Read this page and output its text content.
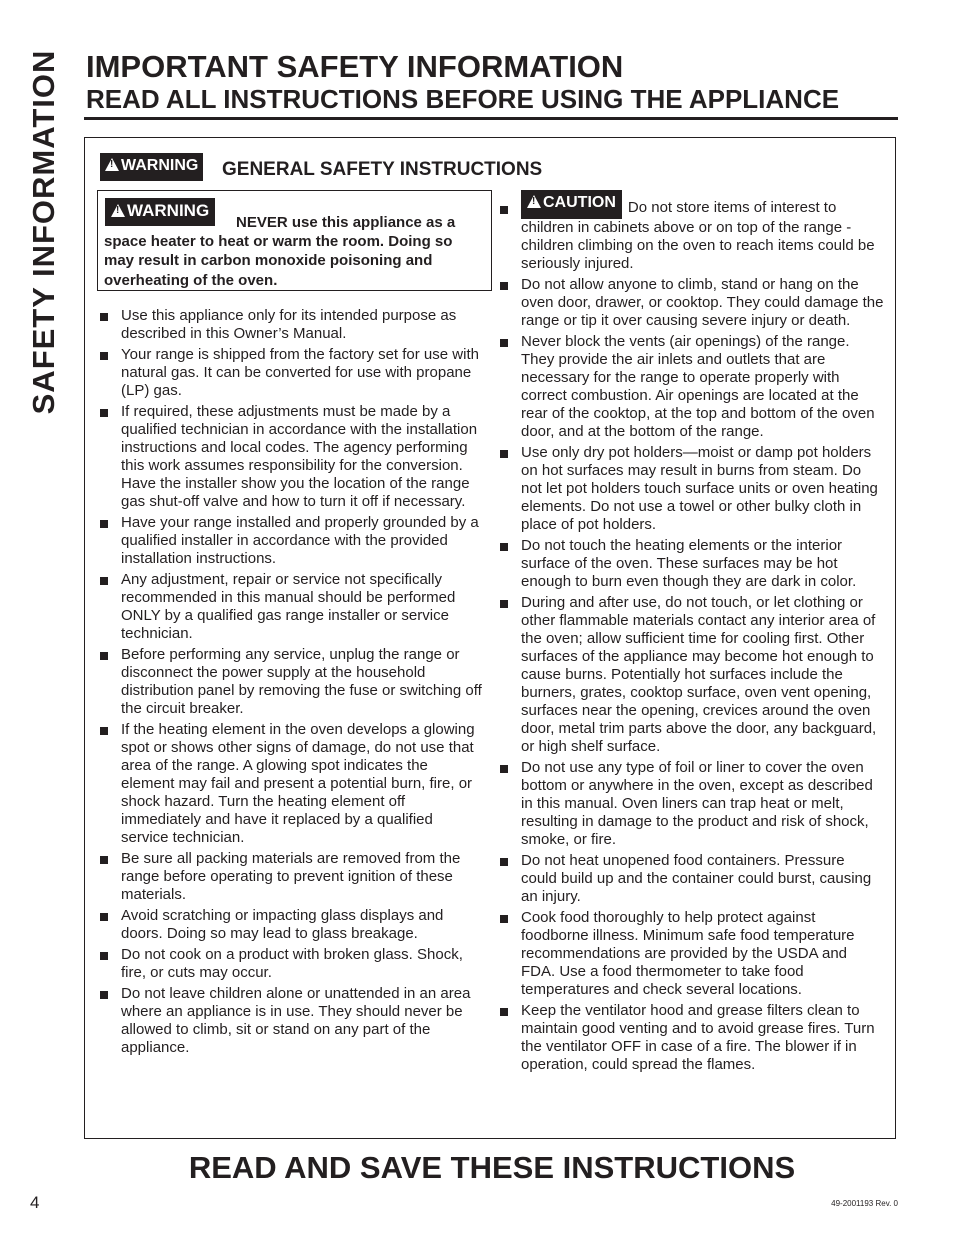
SAFETY INFORMATION IMPORTANT SAFETY INFORMATION
READ ALL INSTRUCTIONS BEFORE USING THE APPLIANCE
!WARNING GENERAL SAFETY INSTRUCTIONS
!WARNING
NEVER use this appliance as a space heater to heat or warm the room. Doing so may result in carbon monoxide poisoning and overheating of the oven.
Use this appliance only for its intended purpose as described in this Owner’s Manual.
Your range is shipped from the factory set for use with natural gas. It can be converted for use with propane (LP) gas.
If required, these adjustments must be made by a qualified technician in accordance with the installation instructions and local codes. The agency performing this work assumes responsibility for the conversion. Have the installer show you the location of the range gas shut-off valve and how to turn it off if necessary.
Have your range installed and properly grounded by a qualified installer in accordance with the provided installation instructions.
Any adjustment, repair or service not specifically recommended in this manual should be performed ONLY by a qualified gas range installer or service technician.
Before performing any service, unplug the range or disconnect the power supply at the household distribution panel by removing the fuse or switching off the circuit breaker.
If the heating element in the oven develops a glowing spot or shows other signs of damage, do not use that area of the range. A glowing spot indicates the element may fail and present a potential burn, fire, or shock hazard. Turn the heating element off immediately and have it replaced by a qualified service technician.
Be sure all packing materials are removed from the range before operating to prevent ignition of these materials.
Avoid scratching or impacting glass displays and doors. Doing so may lead to glass breakage.
Do not cook on a product with broken glass. Shock, fire, or cuts may occur.
Do not leave children alone or unattended in an area where an appliance is in use. They should never be allowed to climb, sit or stand on any part of the appliance.
!CAUTION Do not store items of interest to children in cabinets above or on top of the range - children climbing on the oven to reach items could be seriously injured.
Do not allow anyone to climb, stand or hang on the oven door, drawer, or cooktop. They could damage the range or tip it over causing severe injury or death.
Never block the vents (air openings) of the range. They provide the air inlets and outlets that are necessary for the range to operate properly with correct combustion. Air openings are located at the rear of the cooktop, at the top and bottom of the oven door, and at the bottom of the range.
Use only dry pot holders—moist or damp pot holders on hot surfaces may result in burns from steam. Do not let pot holders touch surface units or oven heating elements. Do not use a towel or other bulky cloth in place of pot holders.
Do not touch the heating elements or the interior surface of the oven. These surfaces may be hot enough to burn even though they are dark in color.
During and after use, do not touch, or let clothing or other flammable materials contact any interior area of the oven; allow sufficient time for cooling first. Other surfaces of the appliance may become hot enough to cause burns. Potentially hot surfaces include the burners, grates, cooktop surface, oven vent opening, surfaces near the opening, crevices around the oven door, metal trim parts above the door, any backguard, or high shelf surface.
Do not use any type of foil or liner to cover the oven bottom or anywhere in the oven, except as described in this manual. Oven liners can trap heat or melt, resulting in damage to the product and risk of shock, smoke, or fire.
Do not heat unopened food containers. Pressure could build up and the container could burst, causing an injury.
Cook food thoroughly to help protect against foodborne illness. Minimum safe food temperature recommendations are provided by the USDA and FDA. Use a food thermometer to take food temperatures and check several locations.
Keep the ventilator hood and grease filters clean to maintain good venting and to avoid grease fires. Turn the ventilator OFF in case of a fire. The blower if in operation, could spread the flames.
READ AND SAVE THESE INSTRUCTIONS
4	49-2001193 Rev. 0
